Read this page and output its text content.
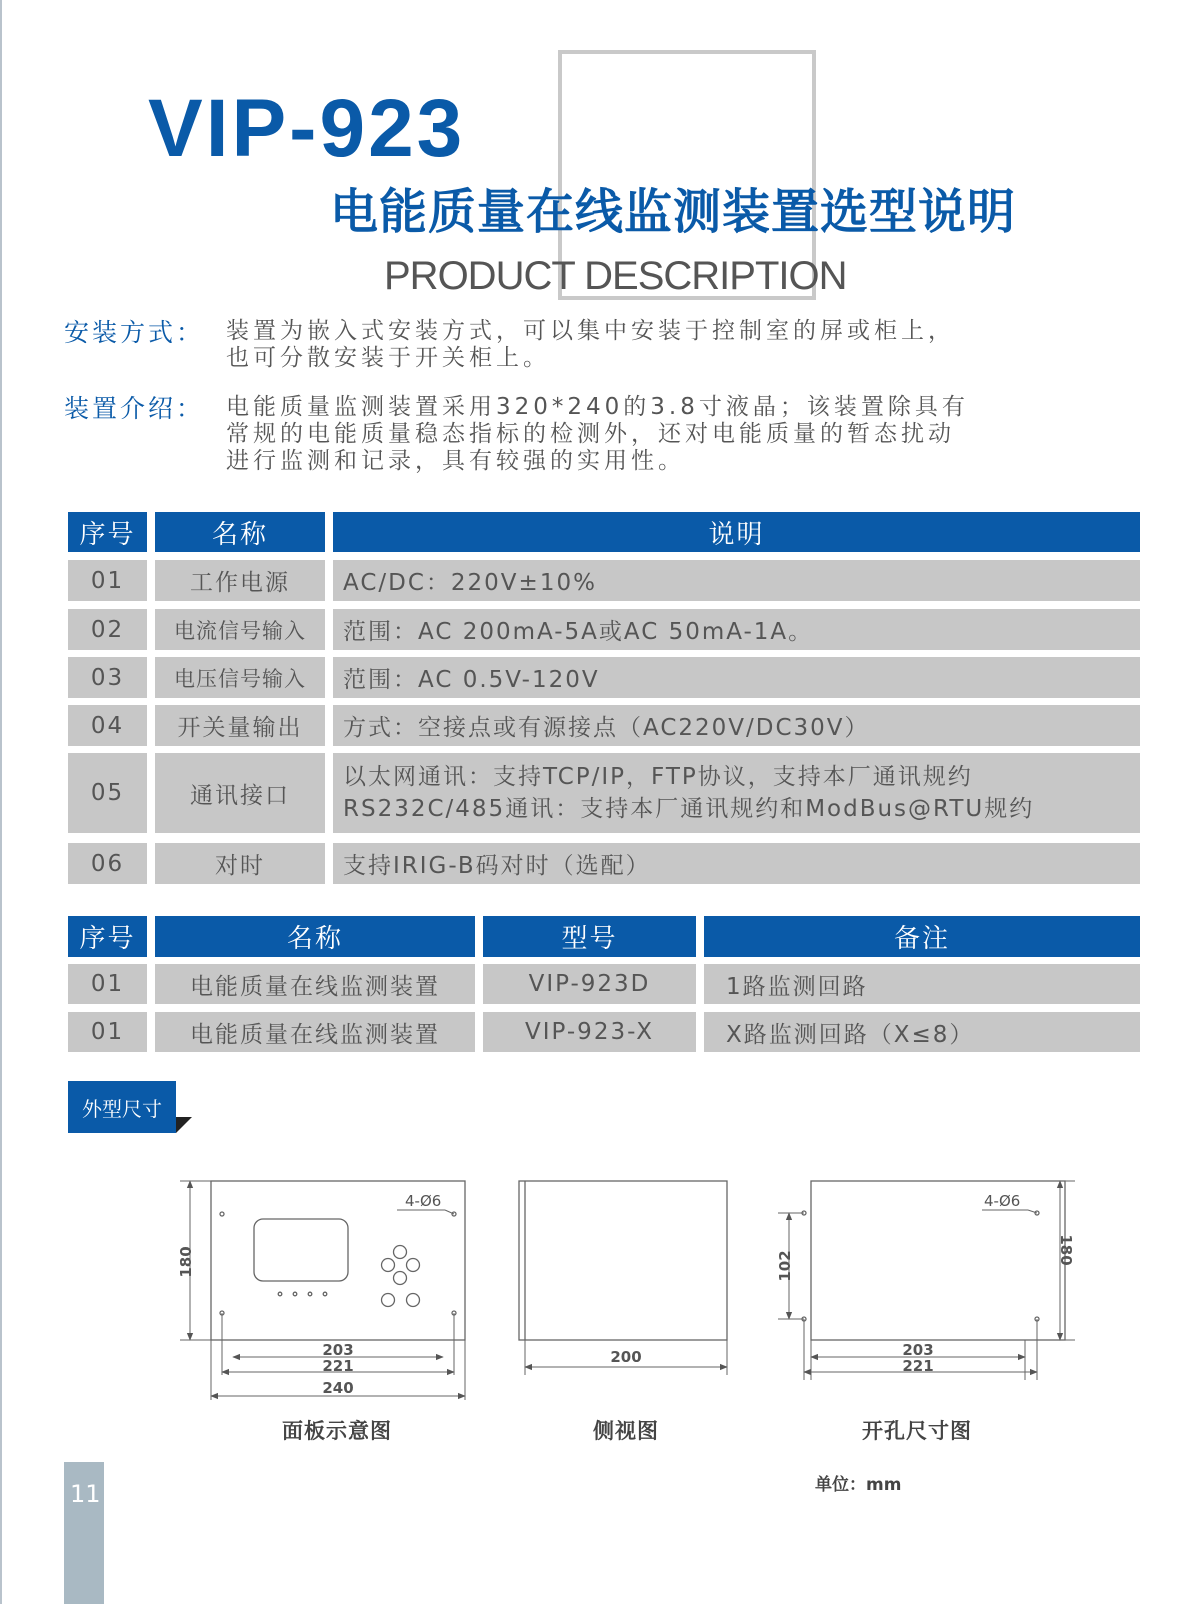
VIP-923
电能质量在线监测装置选型说明
PRODUCT DESCRIPTION
安装方式： 装置为嵌入式安装方式，可以集中安装于控制室的屏或柜上，
也可分散安装于开关柜上。
装置介绍： 电能质量监测装置采用320*240的3.8寸液晶；该装置除具有
常规的电能质量稳态指标的检测外，还对电能质量的暂态扰动
进行监测和记录，具有较强的实用性。
序号	名称	说明
01	工作电源	AC/DC：220V±10%
02	电流信号输入	范围：AC 200mA-5A或AC 50mA-1A。
03	电压信号输入	范围：AC 0.5V-120V
04	开关量输出	方式：空接点或有源接点（AC220V/DC30V）
05	通讯接口
以太网通讯：支持TCP/IP，FTP协议，支持本厂通讯规约
RS232C/485通讯：支持本厂通讯规约和ModBus@RTU规约
06	对时	支持IRIG-B码对时（选配）
序号	名称	型号	备注
01	电能质量在线监测装置	VIP-923D	1路监测回路
01	电能质量在线监测装置	VIP-923-X	X路监测回路（X≤8）
外型尺寸
4-Ø6
180
203
221
240
200
4-Ø6
102
180
203
221
面板示意图	侧视图	开孔尺寸图
单位：mm
11
